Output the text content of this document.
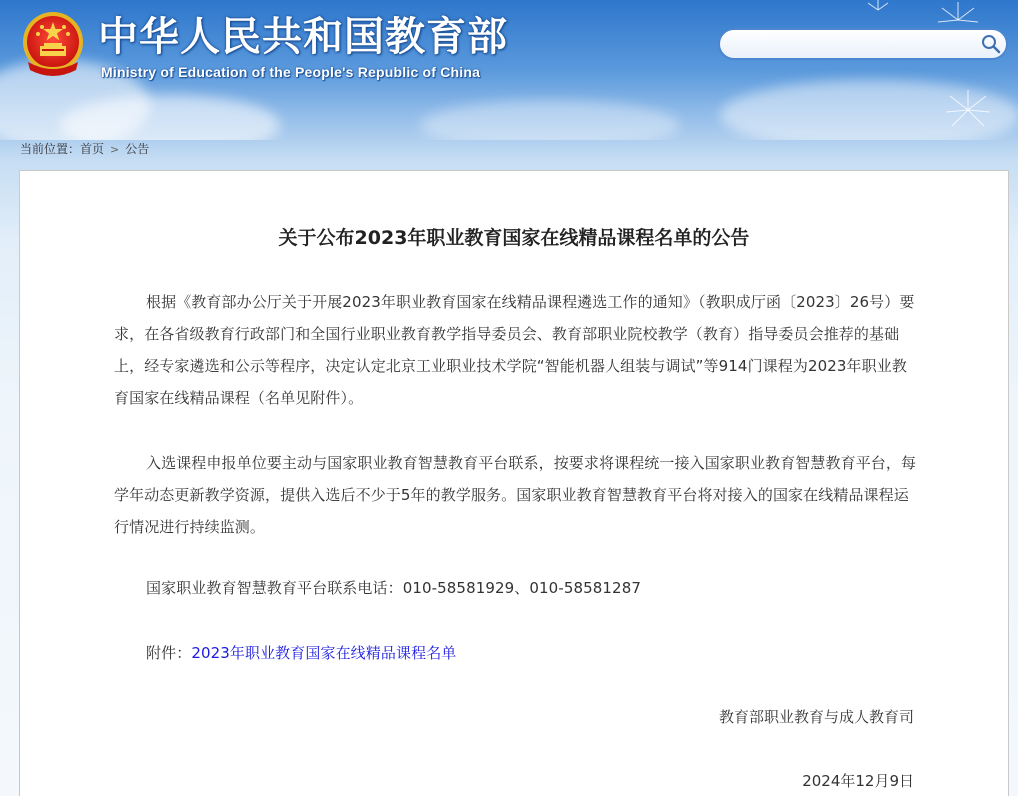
中华人民共和国教育部
Ministry of Education of the People's Republic of China
当前位置：首页 > 公告
关于公布2023年职业教育国家在线精品课程名单的公告

根据《教育部办公厅关于开展2023年职业教育国家在线精品课程遴选工作的通知》（教职成厅函〔2023〕26号）要求，在各省级教育行政部门和全国行业职业教育教学指导委员会、教育部职业院校教学（教育）指导委员会推荐的基础上，经专家遴选和公示等程序，决定认定北京工业职业技术学院“智能机器人组装与调试”等914门课程为2023年职业教育国家在线精品课程（名单见附件）。

入选课程申报单位要主动与国家职业教育智慧教育平台联系，按要求将课程统一接入国家职业教育智慧教育平台，每学年动态更新教学资源，提供入选后不少于5年的教学服务。国家职业教育智慧教育平台将对接入的国家在线精品课程运行情况进行持续监测。

国家职业教育智慧教育平台联系电话：010-58581929、010-58581287

附件：2023年职业教育国家在线精品课程名单

教育部职业教育与成人教育司
2024年12月9日
